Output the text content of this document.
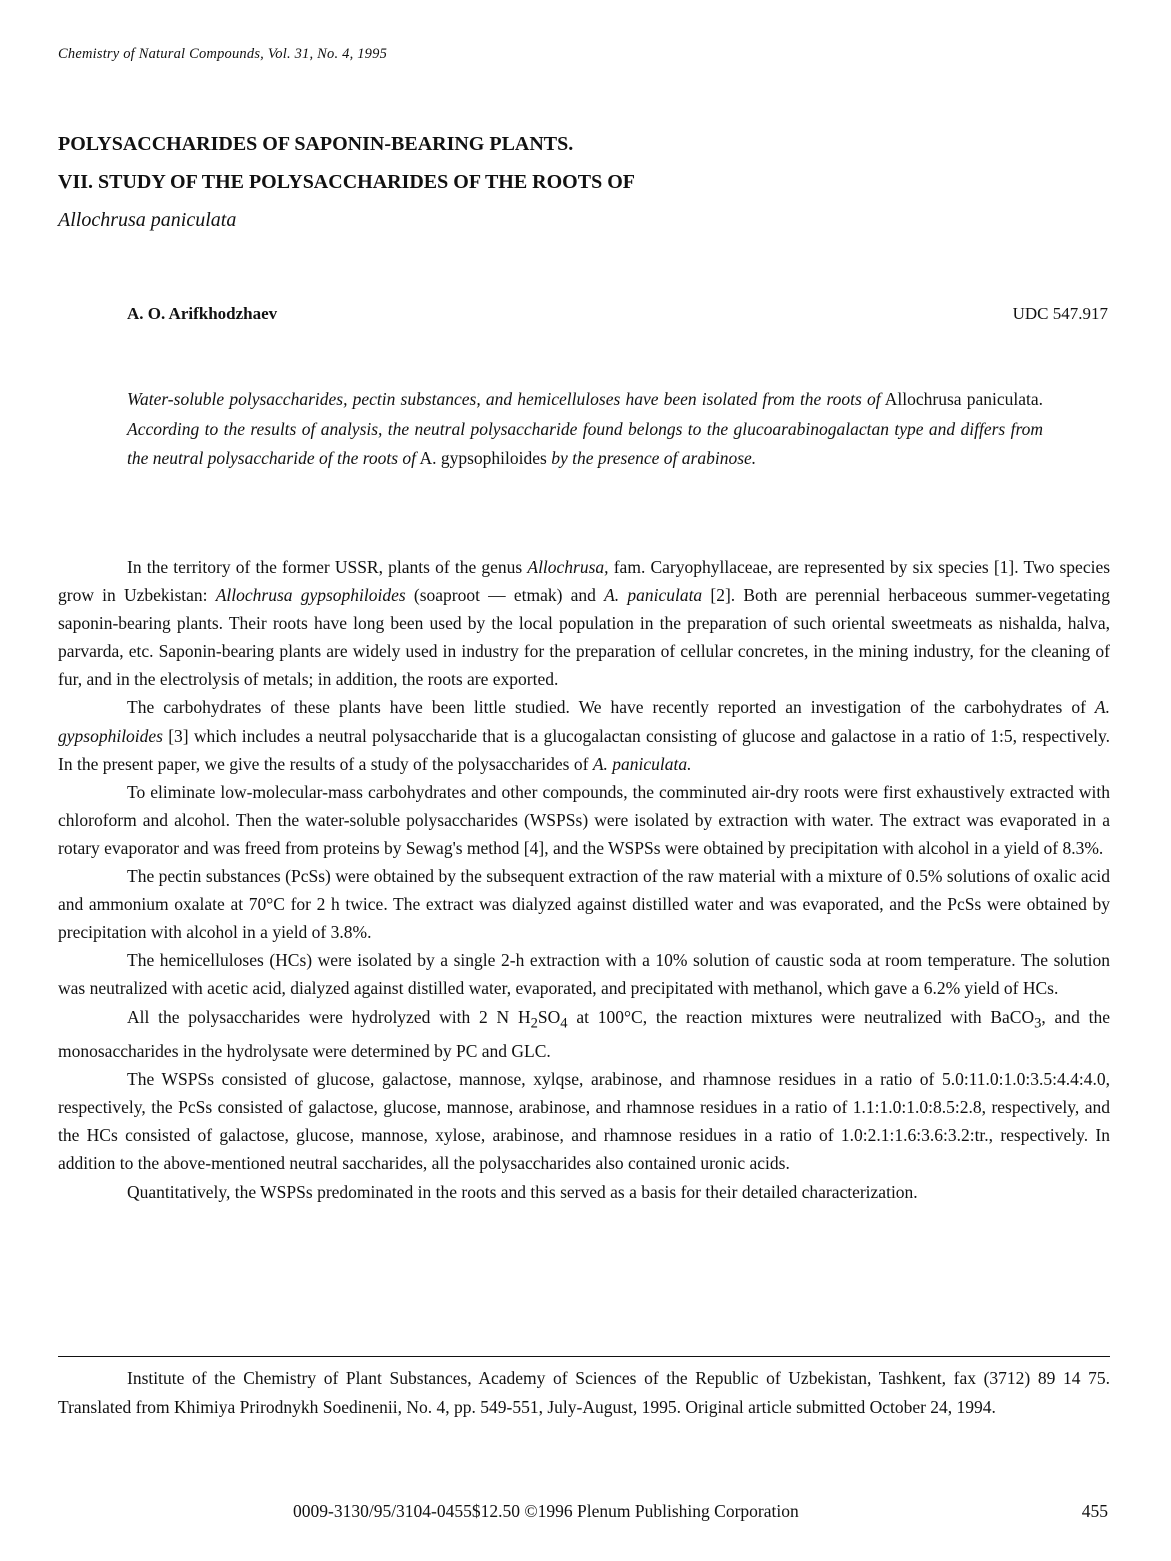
Chemistry of Natural Compounds, Vol. 31, No. 4, 1995
POLYSACCHARIDES OF SAPONIN-BEARING PLANTS.
VII. STUDY OF THE POLYSACCHARIDES OF THE ROOTS OF
Allochrusa paniculata
A. O. Arifkhodzhaev	UDC 547.917
Water-soluble polysaccharides, pectin substances, and hemicelluloses have been isolated from the roots of Allochrusa paniculata. According to the results of analysis, the neutral polysaccharide found belongs to the glucoarabinogalactan type and differs from the neutral polysaccharide of the roots of A. gypsophiloides by the presence of arabinose.

In the territory of the former USSR, plants of the genus Allochrusa, fam. Caryophyllaceae, are represented by six species [1]. Two species grow in Uzbekistan: Allochrusa gypsophiloides (soaproot — etmak) and A. paniculata [2]. Both are perennial herbaceous summer-vegetating saponin-bearing plants. Their roots have long been used by the local population in the preparation of such oriental sweetmeats as nishalda, halva, parvarda, etc. Saponin-bearing plants are widely used in industry for the preparation of cellular concretes, in the mining industry, for the cleaning of fur, and in the electrolysis of metals; in addition, the roots are exported.

The carbohydrates of these plants have been little studied. We have recently reported an investigation of the carbohydrates of A. gypsophiloides [3] which includes a neutral polysaccharide that is a glucogalactan consisting of glucose and galactose in a ratio of 1:5, respectively. In the present paper, we give the results of a study of the polysaccharides of A. paniculata.

To eliminate low-molecular-mass carbohydrates and other compounds, the comminuted air-dry roots were first exhaustively extracted with chloroform and alcohol. Then the water-soluble polysaccharides (WSPSs) were isolated by extraction with water. The extract was evaporated in a rotary evaporator and was freed from proteins by Sewag's method [4], and the WSPSs were obtained by precipitation with alcohol in a yield of 8.3%.

The pectin substances (PcSs) were obtained by the subsequent extraction of the raw material with a mixture of 0.5% solutions of oxalic acid and ammonium oxalate at 70°C for 2 h twice. The extract was dialyzed against distilled water and was evaporated, and the PcSs were obtained by precipitation with alcohol in a yield of 3.8%.

The hemicelluloses (HCs) were isolated by a single 2-h extraction with a 10% solution of caustic soda at room temperature. The solution was neutralized with acetic acid, dialyzed against distilled water, evaporated, and precipitated with methanol, which gave a 6.2% yield of HCs.

All the polysaccharides were hydrolyzed with 2 N $H_2SO_4$ at 100°C, the reaction mixtures were neutralized with BaCO$_3$, and the monosaccharides in the hydrolysate were determined by PC and GLC.

The WSPSs consisted of glucose, galactose, mannose, xylqse, arabinose, and rhamnose residues in a ratio of 5.0:11.0:1.0:3.5:4.4:4.0, respectively, the PcSs consisted of galactose, glucose, mannose, arabinose, and rhamnose residues in a ratio of 1.1:1.0:1.0:8.5:2.8, respectively, and the HCs consisted of galactose, glucose, mannose, xylose, arabinose, and rhamnose residues in a ratio of 1.0:2.1:1.6:3.6:3.2:tr., respectively. In addition to the above-mentioned neutral saccharides, all the polysaccharides also contained uronic acids.

Quantitatively, the WSPSs predominated in the roots and this served as a basis for their detailed characterization.

Institute of the Chemistry of Plant Substances, Academy of Sciences of the Republic of Uzbekistan, Tashkent, fax (3712) 89 14 75. Translated from Khimiya Prirodnykh Soedinenii, No. 4, pp. 549-551, July-August, 1995. Original article submitted October 24, 1994.
0009-3130/95/3104-0455$12.50 ©1996 Plenum Publishing Corporation	455
